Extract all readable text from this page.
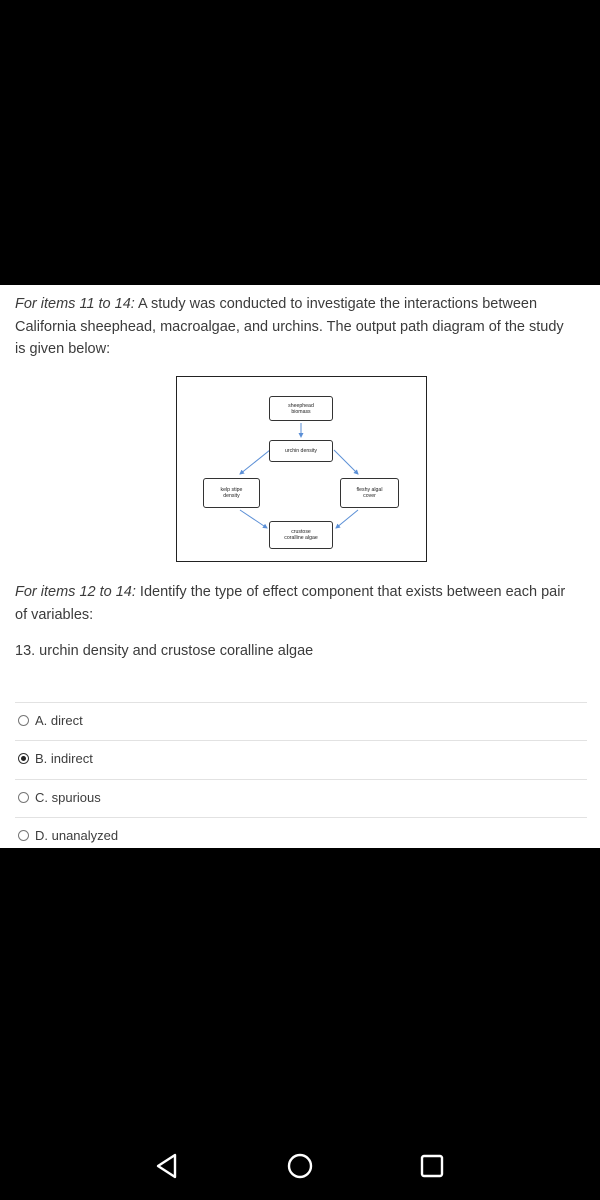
For items 11 to 14: A study was conducted to investigate the interactions between California sheephead, macroalgae, and urchins. The output path diagram of the study is given below:
sheephead
biomass
urchin density
kelp stipe
density
fleshy algal
cover
crustose
coralline algae
For items 12 to 14: Identify the type of effect component that exists between each pair of variables:
13. urchin density and crustose coralline algae
A. direct
B. indirect
C. spurious
D. unanalyzed
